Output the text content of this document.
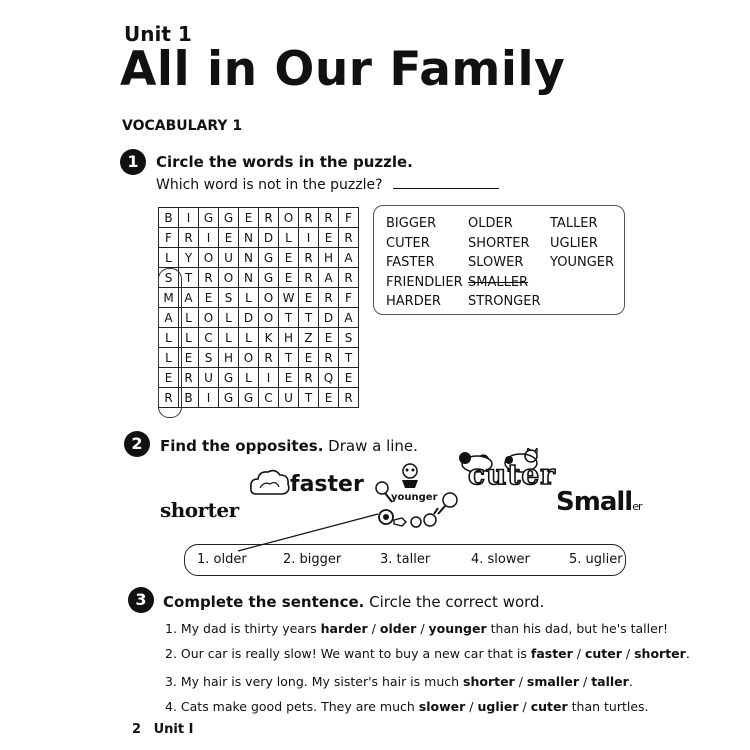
Unit 1
All in Our Family
VOCABULARY 1
1	Circle the words in the puzzle.
Which word is not in the puzzle?
B	I	G	G	E	R	O	R	R	F
F	R	I	E	N	D	L	I	E	R
L	Y	O	U	N	G	E	R	H	A
S	T	R	O	N	G	E	R	A	R
M	A	E	S	L	O	W	E	R	F
A	L	O	L	D	O	T	T	D	A
L	L	C	L	L	K	H	Z	E	S
L	E	S	H	O	R	T	E	R	T
E	R	U	G	L	I	E	R	Q	E
R	B	I	G	G	C	U	T	E	R
BIGGER
CUTER
FASTER
FRIENDLIER
HARDER
OLDER
SHORTER
SLOWER
SMALLER
STRONGER
TALLER
UGLIER
YOUNGER
2	Find the opposites. Draw a line.
shorter
faster
younger
cuter
Smaller
1. older	2. bigger	3. taller	4. slower	5. uglier
3	Complete the sentence. Circle the correct word.
1. My dad is thirty years harder / older / younger than his dad, but he's taller!
2. Our car is really slow! We want to buy a new car that is faster / cuter / shorter.
3. My hair is very long. My sister's hair is much shorter / smaller / taller.
4. Cats make good pets. They are much slower / uglier / cuter than turtles.
2 Unit I
